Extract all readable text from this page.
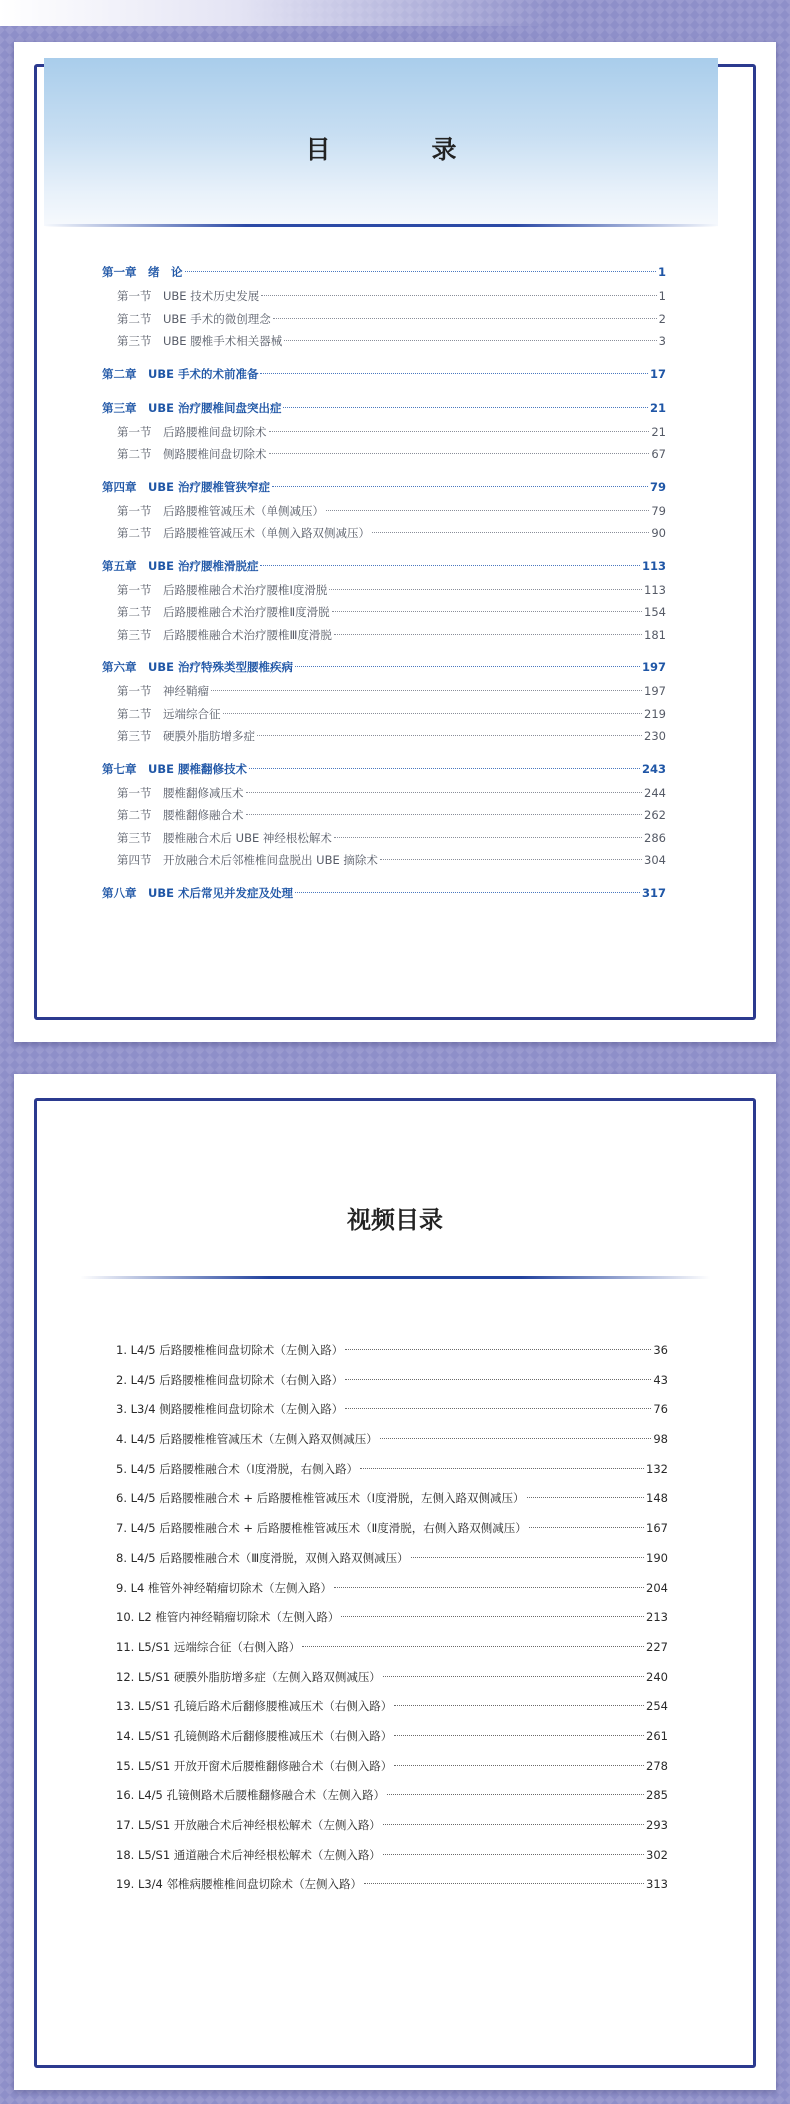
目　录
第一章　绪　论	1
第一节　UBE 技术历史发展	1
第二节　UBE 手术的微创理念	2
第三节　UBE 腰椎手术相关器械	3
第二章　UBE 手术的术前准备	17
第三章　UBE 治疗腰椎间盘突出症	21
第一节　后路腰椎间盘切除术	21
第二节　侧路腰椎间盘切除术	67
第四章　UBE 治疗腰椎管狭窄症	79
第一节　后路腰椎管减压术（单侧减压）	79
第二节　后路腰椎管减压术（单侧入路双侧减压）	90
第五章　UBE 治疗腰椎滑脱症	113
第一节　后路腰椎融合术治疗腰椎Ⅰ度滑脱	113
第二节　后路腰椎融合术治疗腰椎Ⅱ度滑脱	154
第三节　后路腰椎融合术治疗腰椎Ⅲ度滑脱	181
第六章　UBE 治疗特殊类型腰椎疾病	197
第一节　神经鞘瘤	197
第二节　远端综合征	219
第三节　硬膜外脂肪增多症	230
第七章　UBE 腰椎翻修技术	243
第一节　腰椎翻修减压术	244
第二节　腰椎翻修融合术	262
第三节　腰椎融合术后 UBE 神经根松解术	286
第四节　开放融合术后邻椎椎间盘脱出 UBE 摘除术	304
第八章　UBE 术后常见并发症及处理	317
视频目录
1. L4/5 后路腰椎椎间盘切除术（左侧入路）	36
2. L4/5 后路腰椎椎间盘切除术（右侧入路）	43
3. L3/4 侧路腰椎椎间盘切除术（左侧入路）	76
4. L4/5 后路腰椎椎管减压术（左侧入路双侧减压）	98
5. L4/5 后路腰椎融合术（Ⅰ度滑脱，右侧入路）	132
6. L4/5 后路腰椎融合术 + 后路腰椎椎管减压术（Ⅰ度滑脱，左侧入路双侧减压）	148
7. L4/5 后路腰椎融合术 + 后路腰椎椎管减压术（Ⅱ度滑脱，右侧入路双侧减压）	167
8. L4/5 后路腰椎融合术（Ⅲ度滑脱，双侧入路双侧减压）	190
9. L4 椎管外神经鞘瘤切除术（左侧入路）	204
10. L2 椎管内神经鞘瘤切除术（左侧入路）	213
11. L5/S1 远端综合征（右侧入路）	227
12. L5/S1 硬膜外脂肪增多症（左侧入路双侧减压）	240
13. L5/S1 孔镜后路术后翻修腰椎减压术（右侧入路）	254
14. L5/S1 孔镜侧路术后翻修腰椎减压术（右侧入路）	261
15. L5/S1 开放开窗术后腰椎翻修融合术（右侧入路）	278
16. L4/5 孔镜侧路术后腰椎翻修融合术（左侧入路）	285
17. L5/S1 开放融合术后神经根松解术（左侧入路）	293
18. L5/S1 通道融合术后神经根松解术（左侧入路）	302
19. L3/4 邻椎病腰椎椎间盘切除术（左侧入路）	313
